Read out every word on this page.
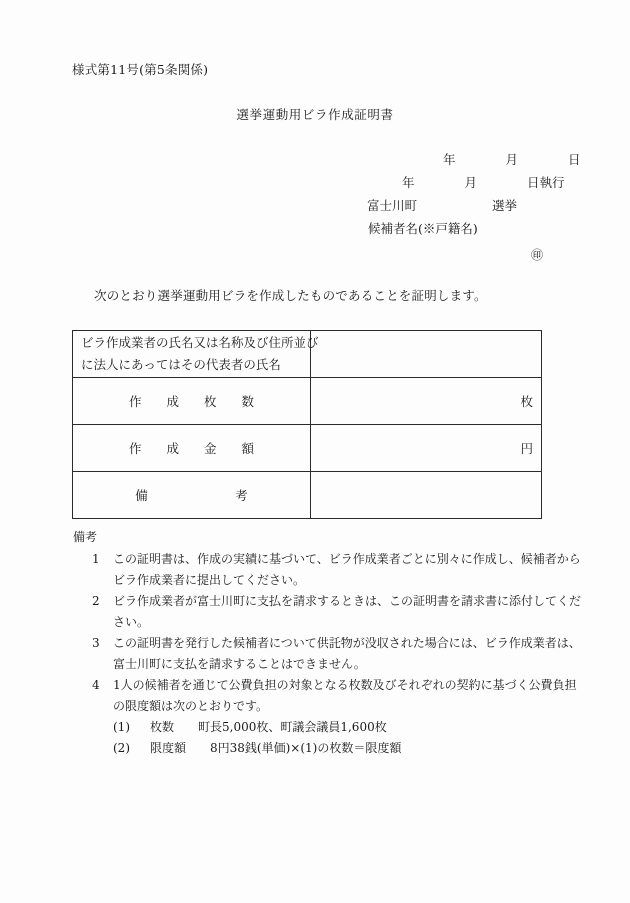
様式第11号(第5条関係)
選挙運動用ビラ作成証明書
年　　　　月　　　　日
年　　　　月　　　　日執行
富士川町　　　　　　選挙
候補者名(※戸籍名)
㊞
次のとおり選挙運動用ビラを作成したものであることを証明します。
ビラ作成業者の氏名又は名称及び住所並び
に法人にあってはその代表者の氏名	

作　　成　　枚　　数	枚
作　　成　　金　　額	円
備　　　　　　　考	
備考
1	この証明書は、作成の実績に基づいて、ビラ作成業者ごとに別々に作成し、候補者から
ビラ作成業者に提出してください。
2	ビラ作成業者が富士川町に支払を請求するときは、この証明書を請求書に添付してくだ
さい。
3	この証明書を発行した候補者について供託物が没収された場合には、ビラ作成業者は、
富士川町に支払を請求することはできません。
4	1人の候補者を通じて公費負担の対象となる枚数及びそれぞれの契約に基づく公費負担
の限度額は次のとおりです。
(1) 枚数　　町長5,000枚、町議会議員1,600枚
(2) 限度額　　8円38銭(単価)×(1)の枚数＝限度額
